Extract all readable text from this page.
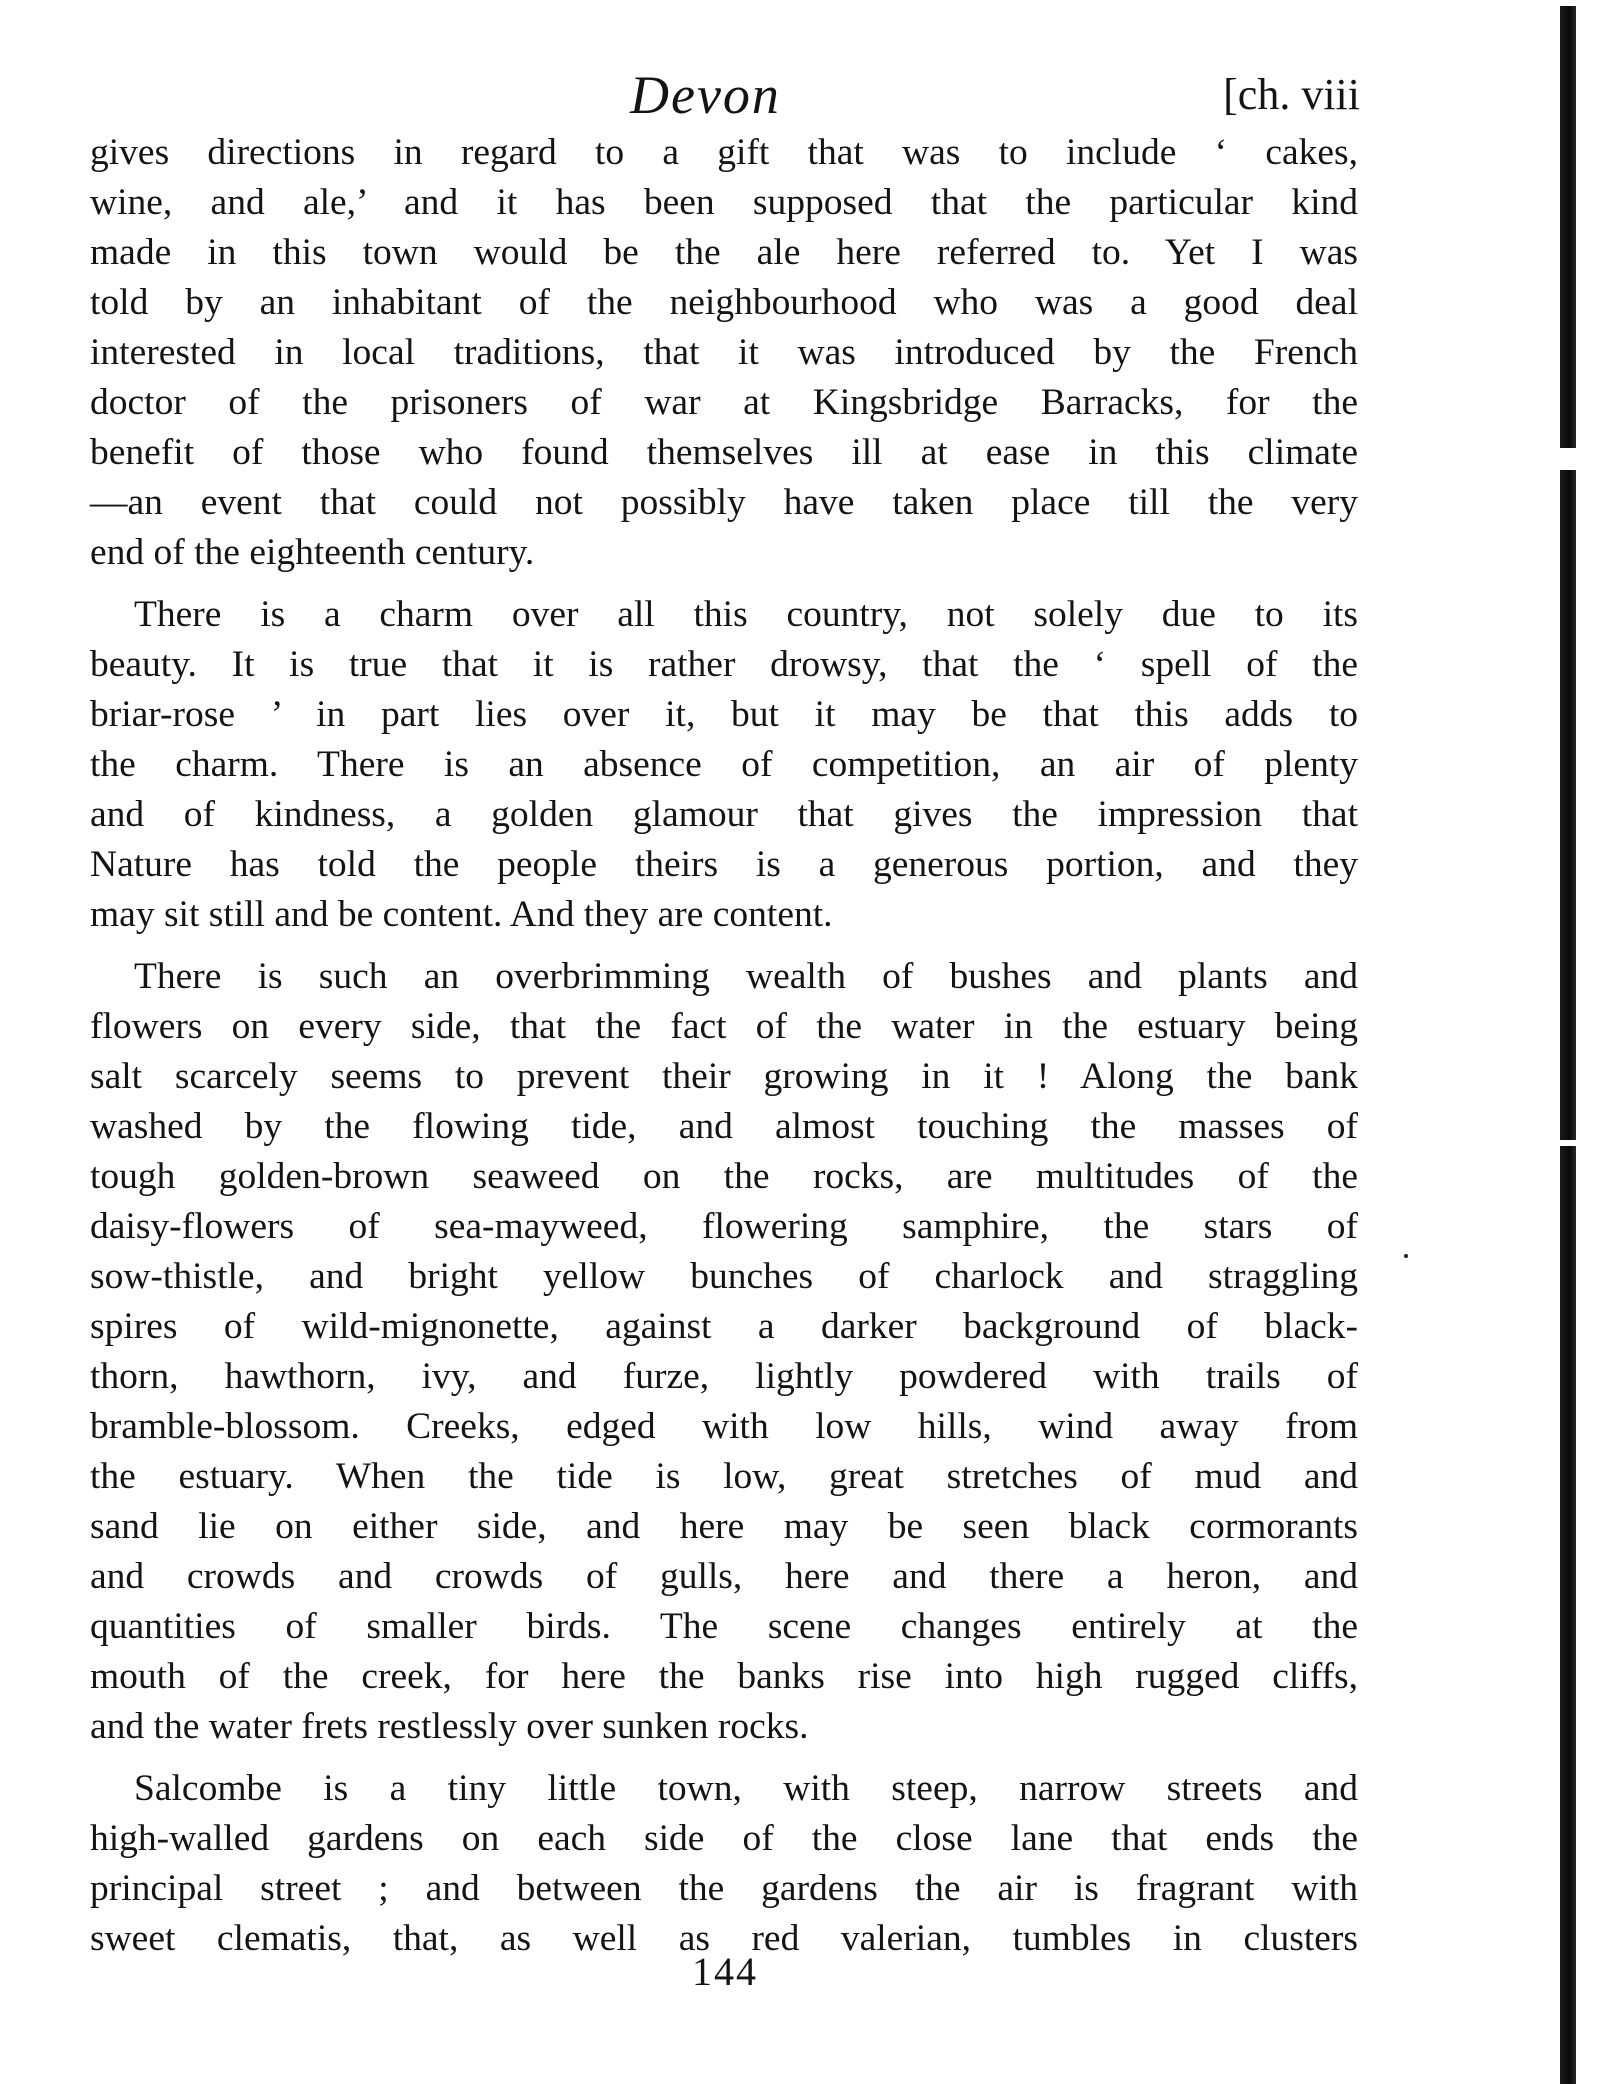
Devon	[ch. viii

gives directions in regard to a gift that was to include ‘ cakes,
wine, and ale,’ and it has been supposed that the particular kind
made in this town would be the ale here referred to. Yet I was
told by an inhabitant of the neighbourhood who was a good deal
interested in local traditions, that it was introduced by the French
doctor of the prisoners of war at Kingsbridge Barracks, for the
benefit of those who found themselves ill at ease in this climate
—an event that could not possibly have taken place till the very
end of the eighteenth century.

There is a charm over all this country, not solely due to its
beauty. It is true that it is rather drowsy, that the ‘ spell of the
briar-rose ’ in part lies over it, but it may be that this adds to
the charm. There is an absence of competition, an air of plenty
and of kindness, a golden glamour that gives the impression that
Nature has told the people theirs is a generous portion, and they
may sit still and be content. And they are content.

There is such an overbrimming wealth of bushes and plants and
flowers on every side, that the fact of the water in the estuary being
salt scarcely seems to prevent their growing in it ! Along the bank
washed by the flowing tide, and almost touching the masses of
tough golden-brown seaweed on the rocks, are multitudes of the
daisy-flowers of sea-mayweed, flowering samphire, the stars of
sow-thistle, and bright yellow bunches of charlock and straggling
spires of wild-mignonette, against a darker background of black-
thorn, hawthorn, ivy, and furze, lightly powdered with trails of
bramble-blossom. Creeks, edged with low hills, wind away from
the estuary. When the tide is low, great stretches of mud and
sand lie on either side, and here may be seen black cormorants
and crowds and crowds of gulls, here and there a heron, and
quantities of smaller birds. The scene changes entirely at the
mouth of the creek, for here the banks rise into high rugged cliffs,
and the water frets restlessly over sunken rocks.

Salcombe is a tiny little town, with steep, narrow streets and
high-walled gardens on each side of the close lane that ends the
principal street ; and between the gardens the air is fragrant with
sweet clematis, that, as well as red valerian, tumbles in clusters

144
